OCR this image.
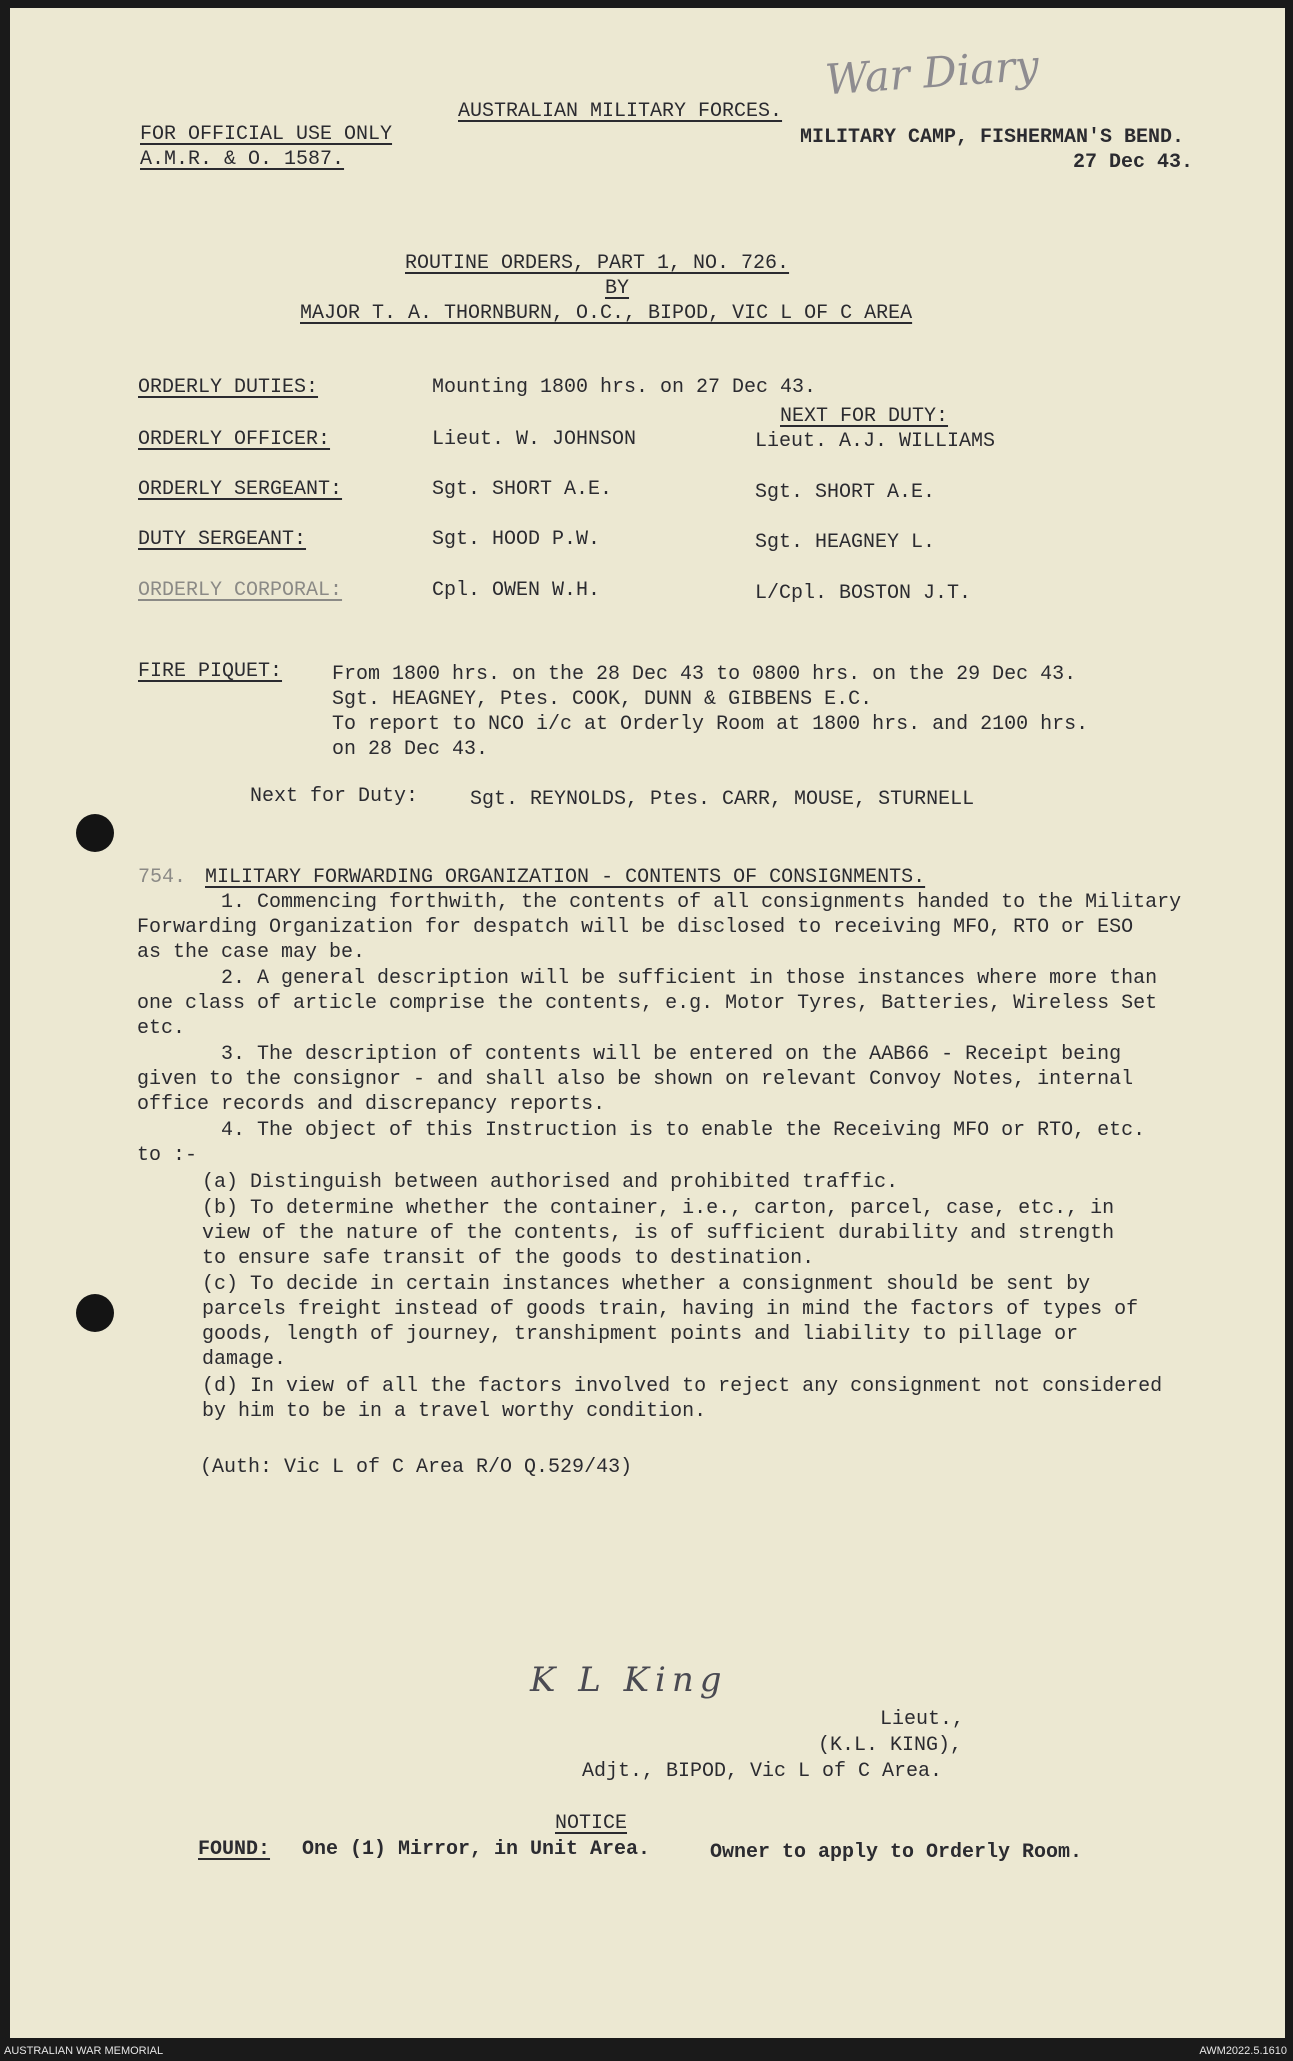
War Diary
AUSTRALIAN MILITARY FORCES.
FOR OFFICIAL USE ONLY
A.M.R. & O. 1587.
MILITARY CAMP, FISHERMAN'S BEND.
27 Dec 43.
ROUTINE ORDERS, PART 1, NO. 726.
BY
MAJOR T. A. THORNBURN, O.C., BIPOD, VIC L OF C AREA
ORDERLY DUTIES:	Mounting 1800 hrs. on 27 Dec 43.
NEXT FOR DUTY:
ORDERLY OFFICER:	Lieut. W. JOHNSON	Lieut. A.J. WILLIAMS
ORDERLY SERGEANT:	Sgt. SHORT A.E.	Sgt. SHORT A.E.
DUTY SERGEANT:	Sgt. HOOD P.W.	Sgt. HEAGNEY L.
ORDERLY CORPORAL:	Cpl. OWEN W.H.	L/Cpl. BOSTON J.T.
FIRE PIQUET: From 1800 hrs. on the 28 Dec 43 to 0800 hrs. on the 29 Dec 43.
Sgt. HEAGNEY, Ptes. COOK, DUNN & GIBBENS E.C.
To report to NCO i/c at Orderly Room at 1800 hrs. and 2100 hrs.
on 28 Dec 43.
Next for Duty:	Sgt. REYNOLDS, Ptes. CARR, MOUSE, STURNELL
754. MILITARY FORWARDING ORGANIZATION - CONTENTS OF CONSIGNMENTS.
1. Commencing forthwith, the contents of all consignments handed to the Military
Forwarding Organization for despatch will be disclosed to receiving MFO, RTO or ESO
as the case may be.
2. A general description will be sufficient in those instances where more than
one class of article comprise the contents, e.g. Motor Tyres, Batteries, Wireless Set
etc.
3. The description of contents will be entered on the AAB66 - Receipt being
given to the consignor - and shall also be shown on relevant Convoy Notes, internal
office records and discrepancy reports.
4. The object of this Instruction is to enable the Receiving MFO or RTO, etc.
to :-
(a) Distinguish between authorised and prohibited traffic.
(b) To determine whether the container, i.e., carton, parcel, case, etc., in
view of the nature of the contents, is of sufficient durability and strength
to ensure safe transit of the goods to destination.
(c) To decide in certain instances whether a consignment should be sent by
parcels freight instead of goods train, having in mind the factors of types of
goods, length of journey, transhipment points and liability to pillage or
damage.
(d) In view of all the factors involved to reject any consignment not considered
by him to be in a travel worthy condition.
(Auth: Vic L of C Area R/O Q.529/43)
K L King
Lieut.,
(K.L. KING),
Adjt., BIPOD, Vic L of C Area.
NOTICE
FOUND: One (1) Mirror, in Unit Area.	Owner to apply to Orderly Room.
AUSTRALIAN WAR MEMORIAL	AWM2022.5.1610
